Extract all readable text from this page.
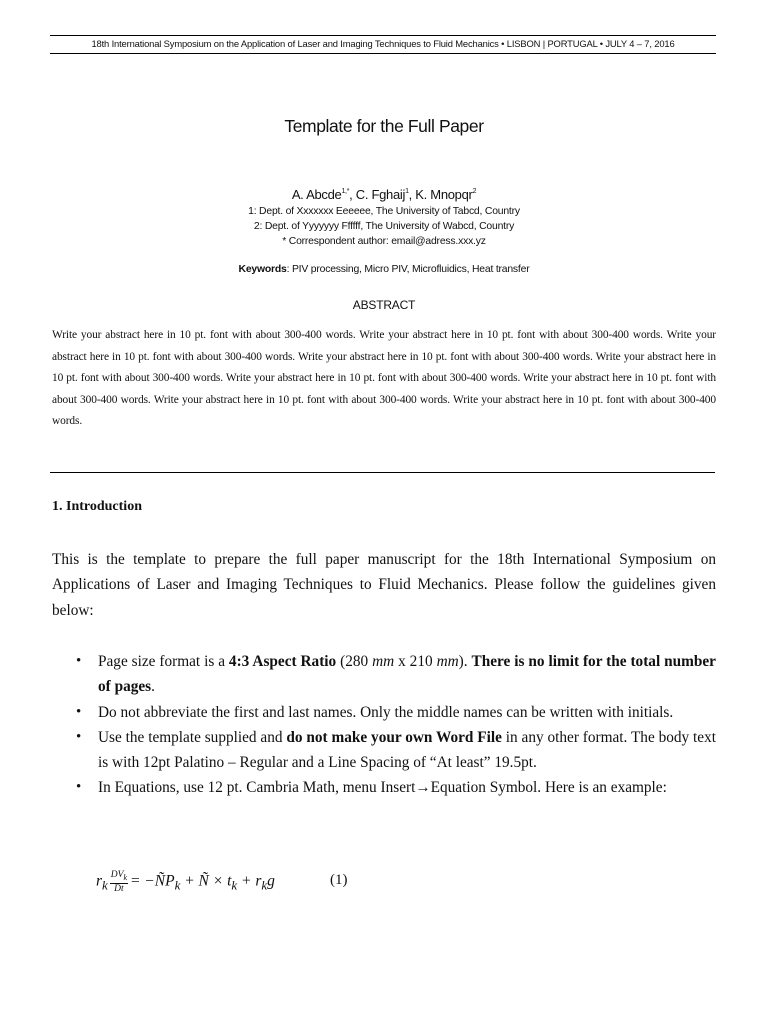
18th International Symposium on the Application of Laser and Imaging Techniques to Fluid Mechanics • LISBON | PORTUGAL • JULY 4 – 7, 2016
Template for the Full Paper
A. Abcde$^{1,*}$, C. Fghaij$^1$, K. Mnopqr$^2$
1: Dept. of Xxxxxxx Eeeeee, The University of Tabcd, Country
2: Dept. of Yyyyyyy Ffffff, The University of Wabcd, Country
* Correspondent author: email@adress.xxx.yz
Keywords: PIV processing, Micro PIV, Microfluidics, Heat transfer
ABSTRACT
Write your abstract here in 10 pt. font with about 300-400 words. Write your abstract here in 10 pt. font with about 300-400 words. Write your abstract here in 10 pt. font with about 300-400 words. Write your abstract here in 10 pt. font with about 300-400 words. Write your abstract here in 10 pt. font with about 300-400 words. Write your abstract here in 10 pt. font with about 300-400 words. Write your abstract here in 10 pt. font with about 300-400 words. Write your abstract here in 10 pt. font with about 300-400 words. Write your abstract here in 10 pt. font with about 300-400 words.
1. Introduction
This is the template to prepare the full paper manuscript for the 18th International Symposium on Applications of Laser and Imaging Techniques to Fluid Mechanics. Please follow the guidelines given below:
• Page size format is a 4:3 Aspect Ratio (280 mm x 210 mm). There is no limit for the total number of pages.
• Do not abbreviate the first and last names. Only the middle names can be written with initials.
• Use the template supplied and do not make your own Word File in any other format. The body text is with 12pt Palatino – Regular and a Line Spacing of “At least” 19.5pt.
• In Equations, use 12 pt. Cambria Math, menu Insert→Equation Symbol. Here is an example:
$r_k \frac{DV_k}{Dt}$ = $-ÑP_k$ + Ñ × $t_k + r_kg$	(1)
